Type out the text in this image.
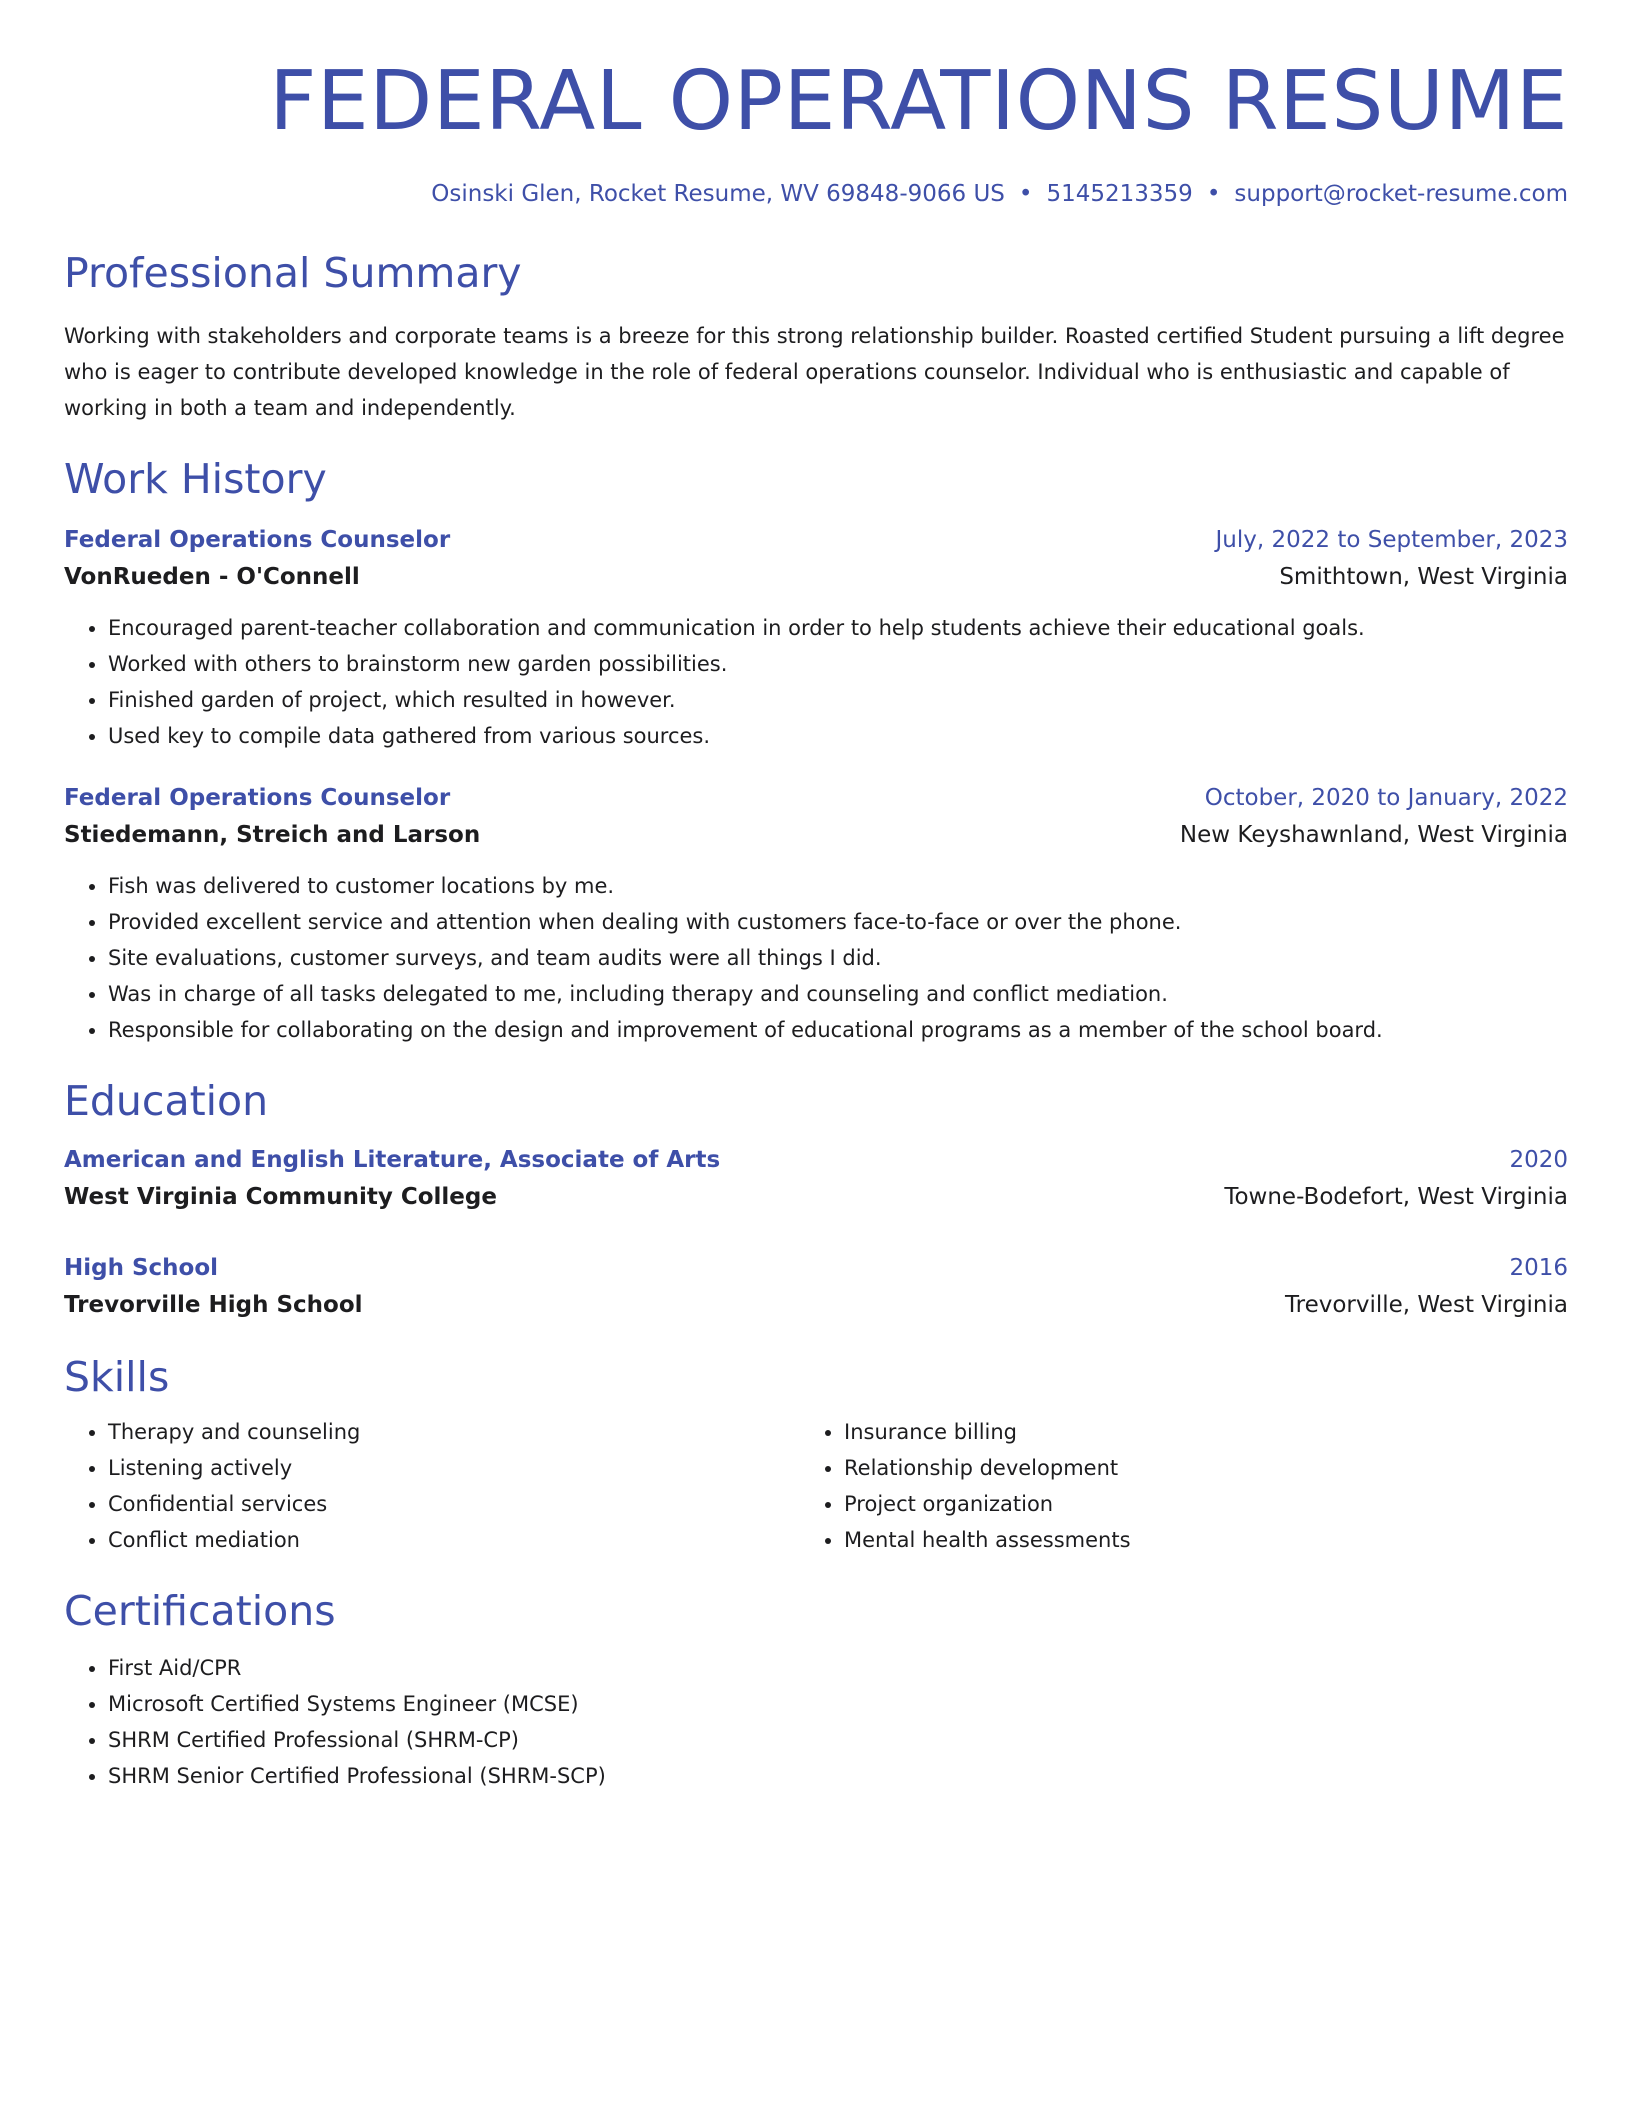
FEDERAL OPERATIONS RESUME
Osinski Glen, Rocket Resume, WV 69848-9066 US • 5145213359 • support@rocket-resume.com
Professional Summary
Working with stakeholders and corporate teams is a breeze for this strong relationship builder. Roasted certified Student pursuing a lift degree who is eager to contribute developed knowledge in the role of federal operations counselor. Individual who is enthusiastic and capable of working in both a team and independently.
Work History
Federal Operations Counselor	July, 2022 to September, 2023
VonRueden - O'Connell	Smithtown, West Virginia
• Encouraged parent-teacher collaboration and communication in order to help students achieve their educational goals.
• Worked with others to brainstorm new garden possibilities.
• Finished garden of project, which resulted in however.
• Used key to compile data gathered from various sources.
Federal Operations Counselor	October, 2020 to January, 2022
Stiedemann, Streich and Larson	New Keyshawnland, West Virginia
• Fish was delivered to customer locations by me.
• Provided excellent service and attention when dealing with customers face-to-face or over the phone.
• Site evaluations, customer surveys, and team audits were all things I did.
• Was in charge of all tasks delegated to me, including therapy and counseling and conflict mediation.
• Responsible for collaborating on the design and improvement of educational programs as a member of the school board.
Education
American and English Literature, Associate of Arts	2020
West Virginia Community College	Towne-Bodefort, West Virginia
High School	2016
Trevorville High School	Trevorville, West Virginia
Skills
• Therapy and counseling
• Listening actively
• Confidential services
• Conflict mediation
• Insurance billing
• Relationship development
• Project organization
• Mental health assessments
Certifications
• First Aid/CPR
• Microsoft Certified Systems Engineer (MCSE)
• SHRM Certified Professional (SHRM-CP)
• SHRM Senior Certified Professional (SHRM-SCP)
